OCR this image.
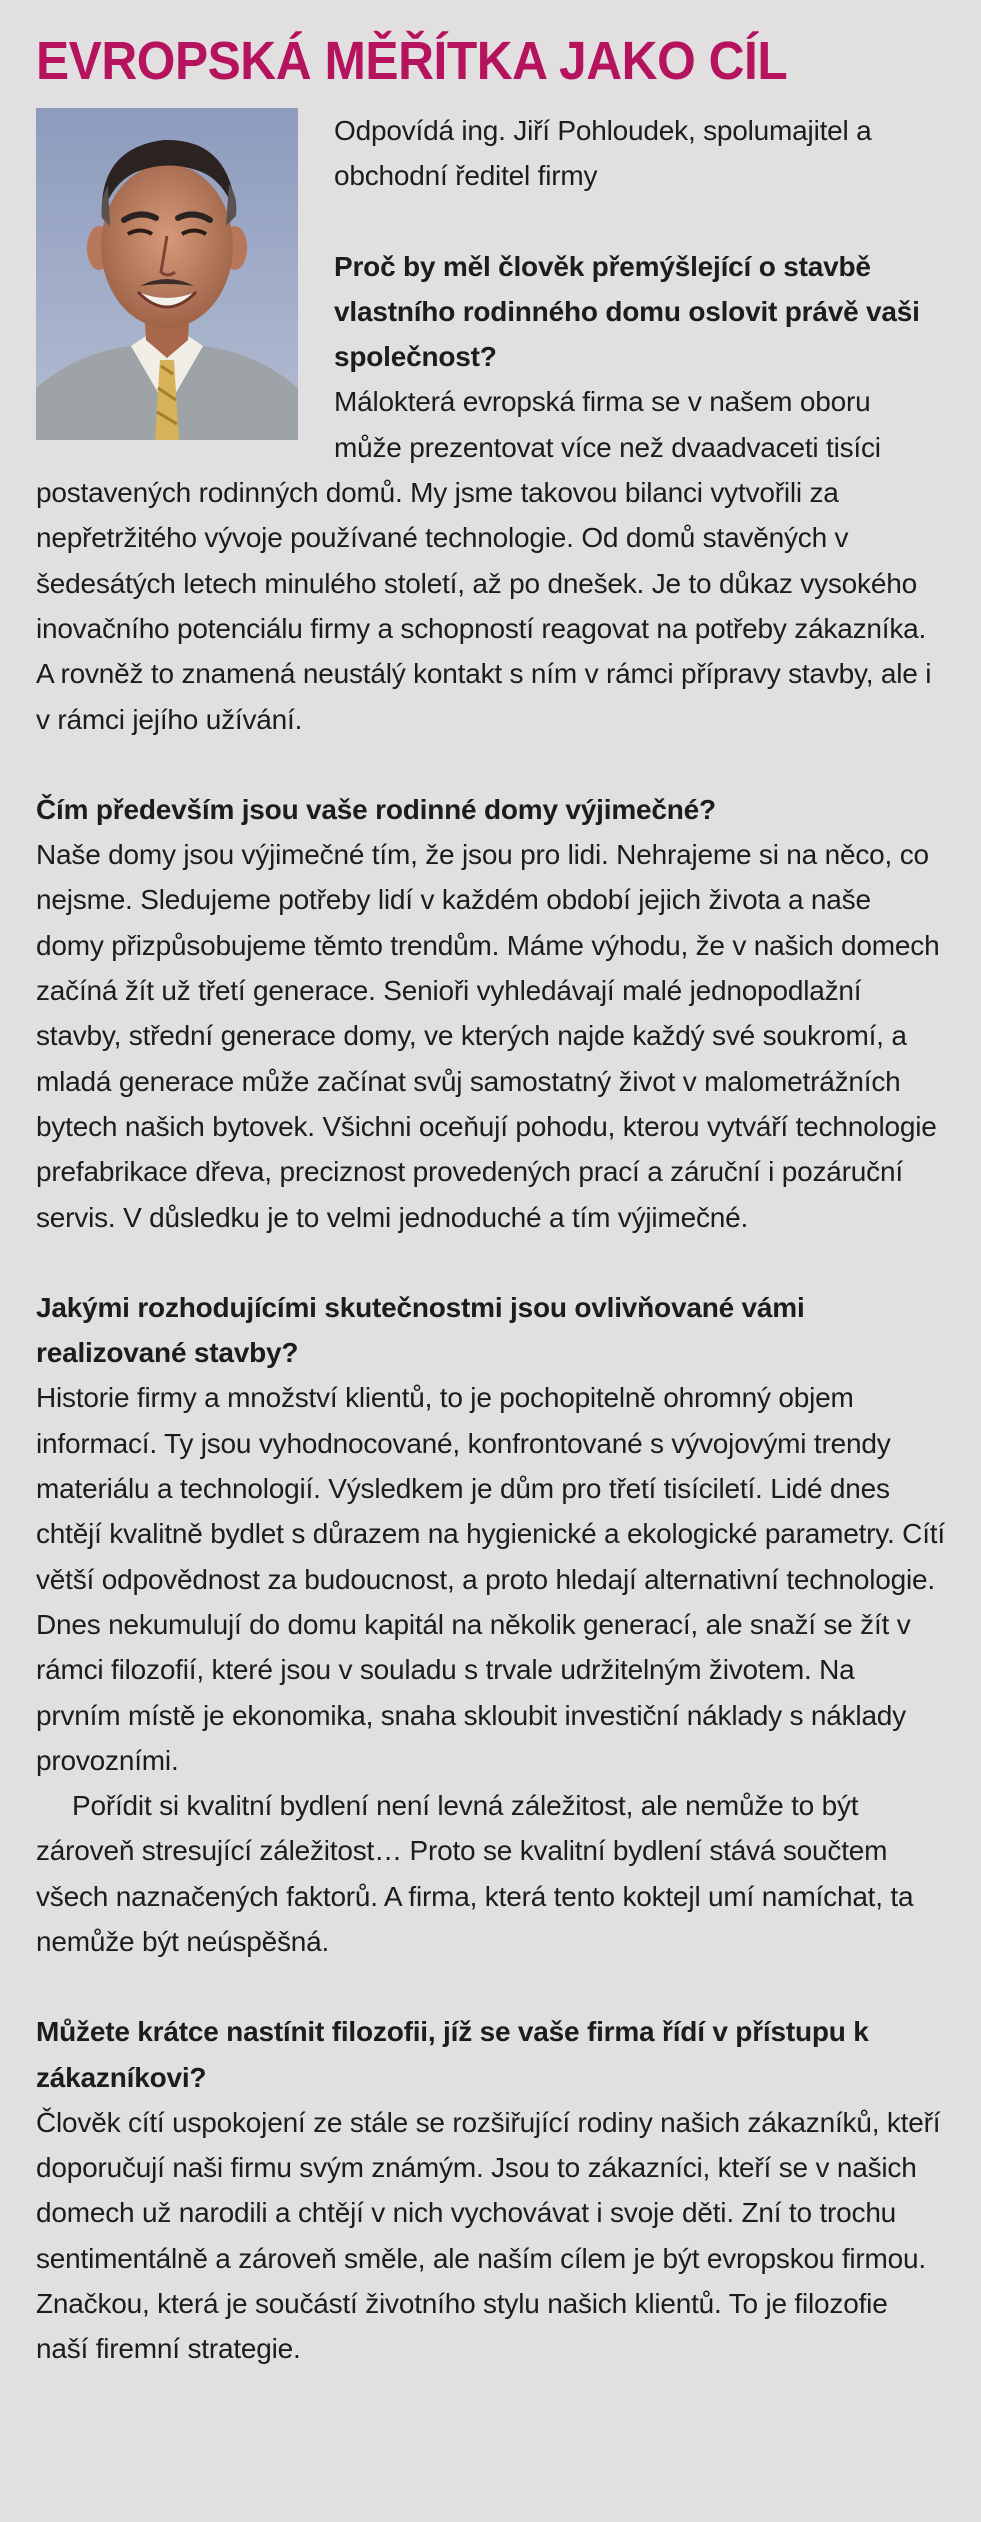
EVROPSKÁ MĚŘÍTKA JAKO CÍL

Odpovídá ing. Jiří Pohloudek, spolumajitel a obchodní ředitel firmy

Proč by měl člověk přemýšlející o stavbě vlastního rodinného domu oslovit právě vaši společnost?

Málokterá evropská firma se v našem oboru může prezentovat více než dvaadvaceti tisíci postavených rodinných domů. My jsme takovou bilanci vytvořili za nepřetržitého vývoje používané technologie. Od domů stavěných v šedesátých letech minulého století, až po dnešek. Je to důkaz vysokého inovačního potenciálu firmy a schopností reagovat na potřeby zákazníka. A rovněž to znamená neustálý kontakt s ním v rámci přípravy stavby, ale i v rámci jejího užívání.

Čím především jsou vaše rodinné domy výjimečné?

Naše domy jsou výjimečné tím, že jsou pro lidi. Nehrajeme si na něco, co nejsme. Sledujeme potřeby lidí v každém období jejich života a naše domy přizpůsobujeme těmto trendům. Máme výhodu, že v našich domech začíná žít už třetí generace. Senioři vyhledávají malé jednopodlažní stavby, střední generace domy, ve kterých najde každý své soukromí, a mladá generace může začínat svůj samostatný život v malometrážních bytech našich bytovek. Všichni oceňují pohodu, kterou vytváří technologie prefabrikace dřeva, preciznost provedených prací a záruční i pozáruční servis. V důsledku je to velmi jednoduché a tím výjimečné.

Jakými rozhodujícími skutečnostmi jsou ovlivňované vámi realizované stavby?

Historie firmy a množství klientů, to je pochopitelně ohromný objem informací. Ty jsou vyhodnocované, konfrontované s vývojovými trendy materiálu a technologií. Výsledkem je dům pro třetí tisíciletí. Lidé dnes chtějí kvalitně bydlet s důrazem na hygienické a ekologické parametry. Cítí větší odpovědnost za budoucnost, a proto hledají alternativní technologie. Dnes nekumulují do domu kapitál na několik generací, ale snaží se žít v rámci filozofií, které jsou v souladu s trvale udržitelným životem. Na prvním místě je ekonomika, snaha skloubit investiční náklady s náklady provozními.

Pořídit si kvalitní bydlení není levná záležitost, ale nemůže to být zároveň stresující záležitost… Proto se kvalitní bydlení stává součtem všech naznačených faktorů. A firma, která tento koktejl umí namíchat, ta nemůže být neúspěšná.

Můžete krátce nastínit filozofii, jíž se vaše firma řídí v přístupu k zákazníkovi?

Člověk cítí uspokojení ze stále se rozšiřující rodiny našich zákazníků, kteří doporučují naši firmu svým známým. Jsou to zákazníci, kteří se v našich domech už narodili a chtějí v nich vychovávat i svoje děti. Zní to trochu sentimentálně a zároveň směle, ale naším cílem je být evropskou firmou. Značkou, která je součástí životního stylu našich klientů. To je filozofie naší firemní strategie.
